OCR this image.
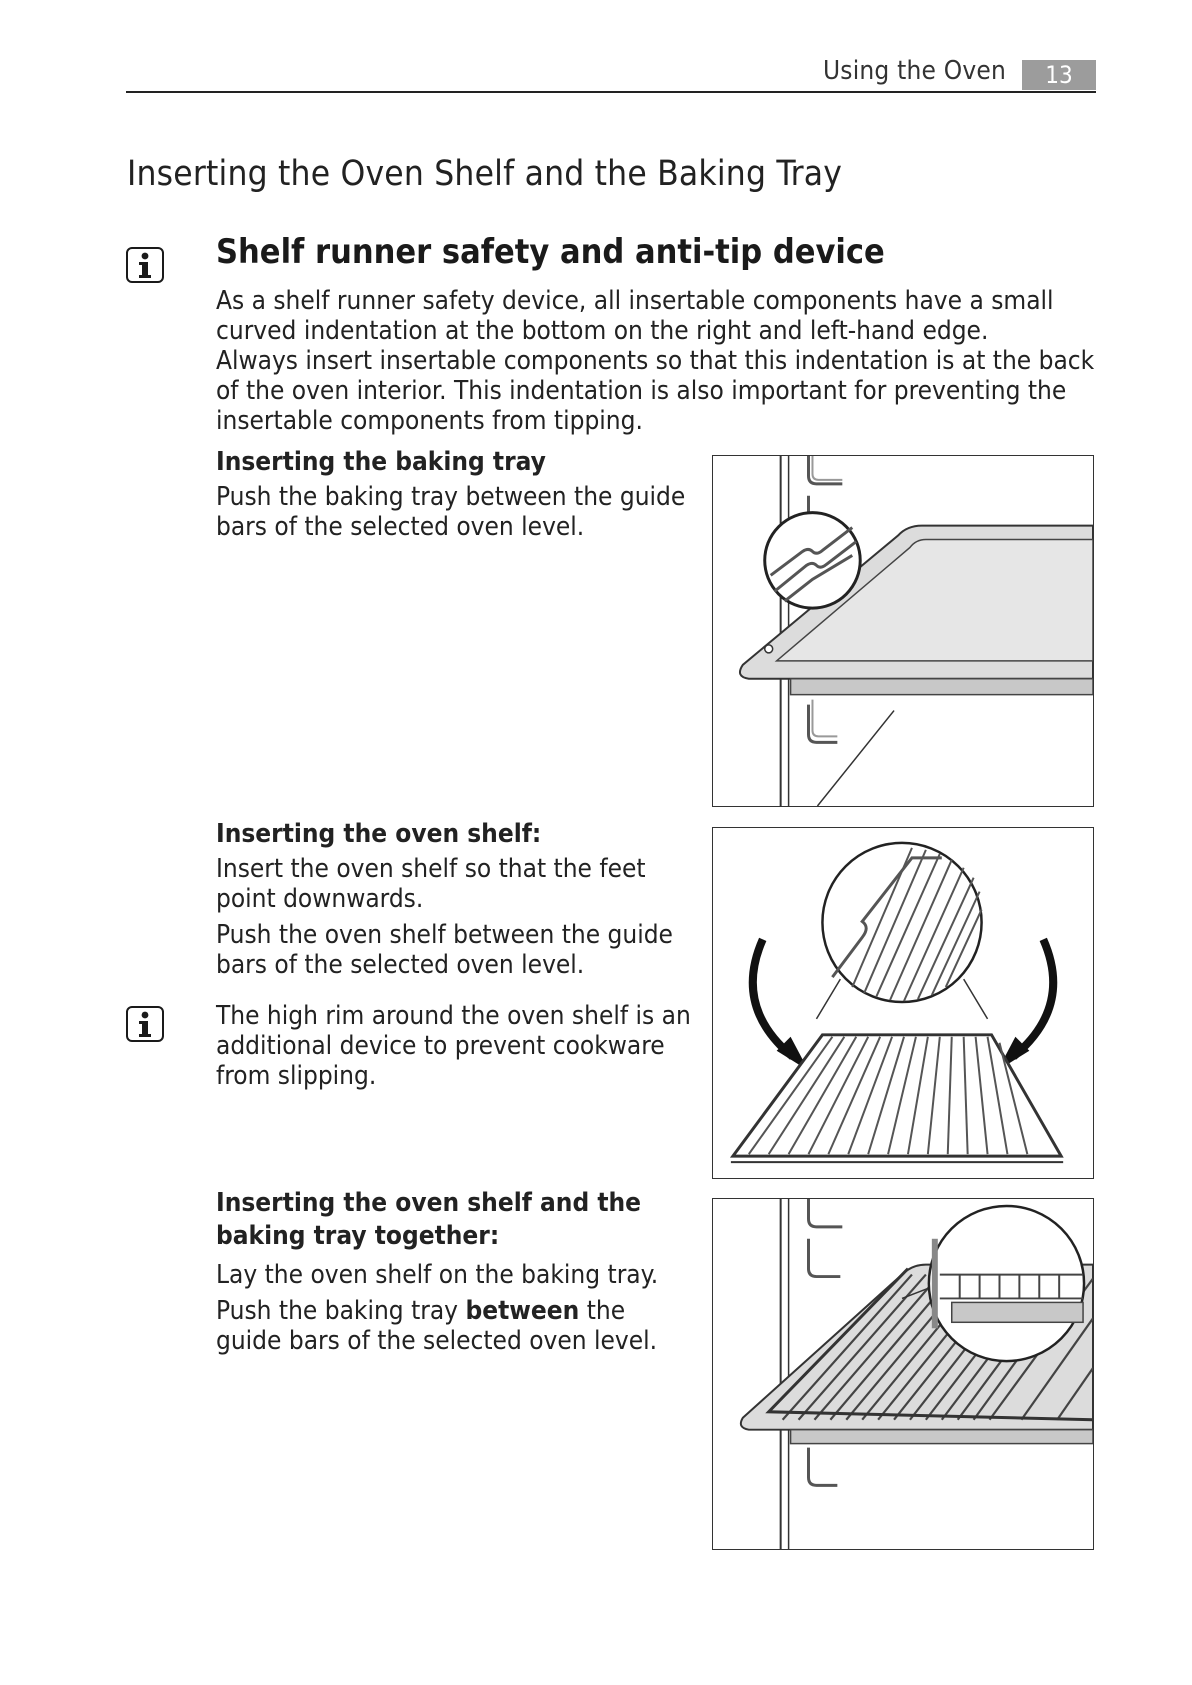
Using the Oven	13
Inserting the Oven Shelf and the Baking Tray
Shelf runner safety and anti-tip device
As a shelf runner safety device, all insertable components have a small curved indentation at the bottom on the right and left-hand edge.
Always insert insertable components so that this indentation is at the back of the oven interior. This indentation is also important for preventing the insertable components from tipping.
Inserting the baking tray
Push the baking tray between the guide bars of the selected oven level.
Inserting the oven shelf:
Insert the oven shelf so that the feet point downwards.
Push the oven shelf between the guide bars of the selected oven level.
The high rim around the oven shelf is an additional device to prevent cookware from slipping.
Inserting the oven shelf and the baking tray together:
Lay the oven shelf on the baking tray.
Push the baking tray between the guide bars of the selected oven level.
